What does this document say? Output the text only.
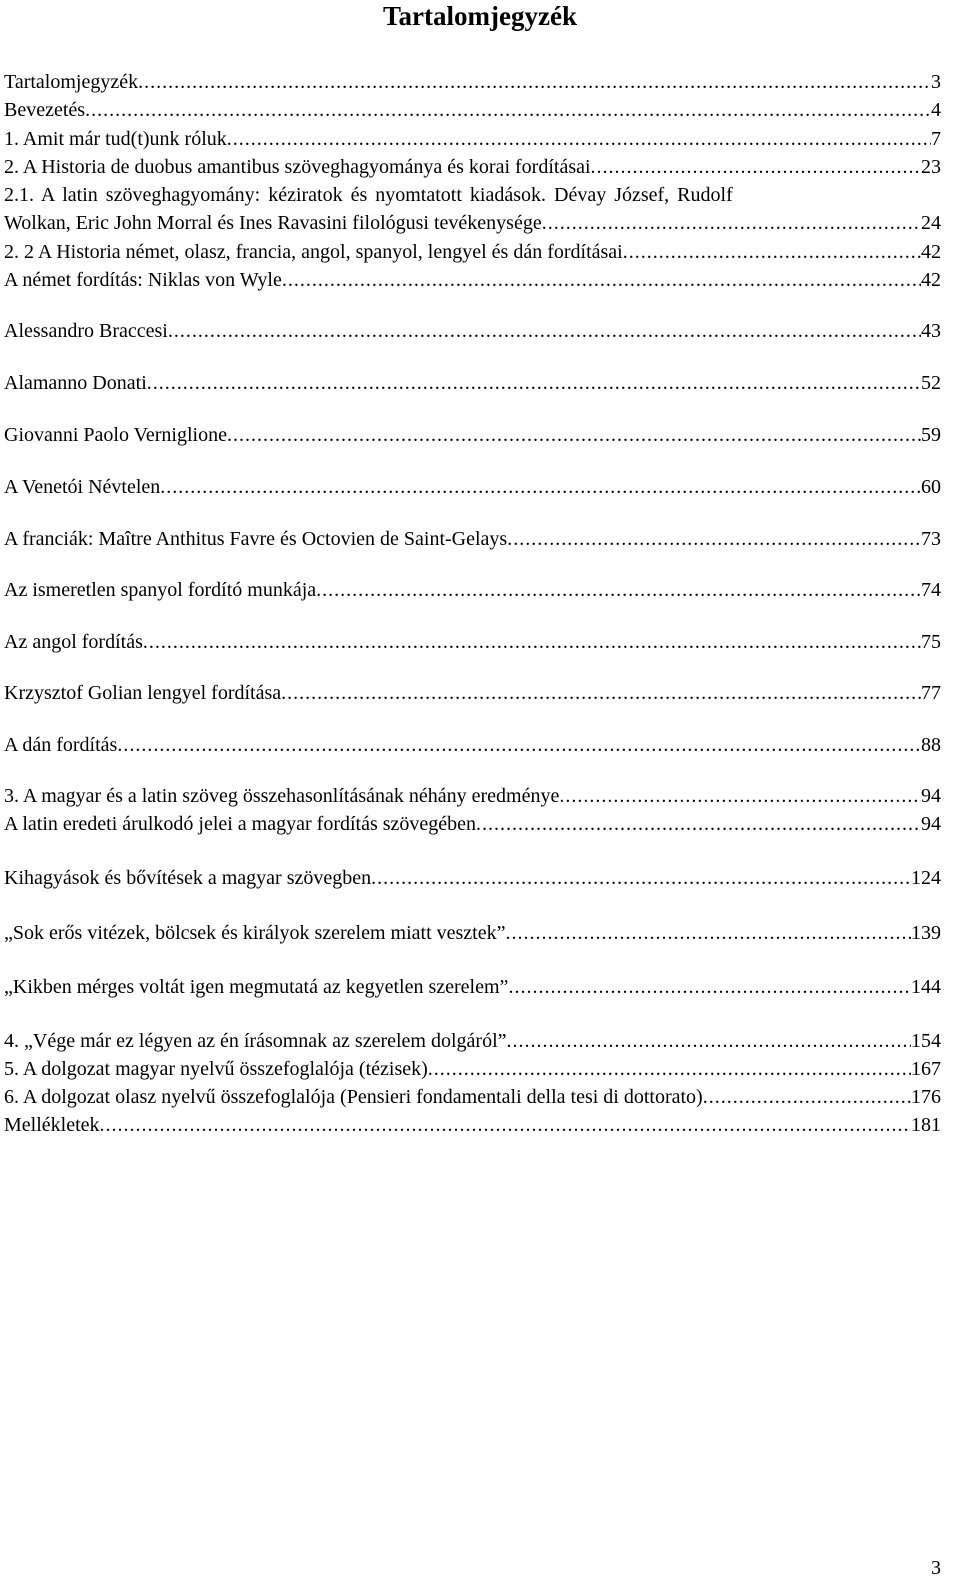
Tartalomjegyzék
Tartalomjegyzék .....	3
Bevezetés .....	4
1. Amit már tud(t)unk róluk .....	7
2. A Historia de duobus amantibus szöveghagyománya és korai fordításai .....	23
2.1. A latin szöveghagyomány: kéziratok és nyomtatott kiadások. Dévay József, Rudolf
Wolkan, Eric John Morral és Ines Ravasini filológusi tevékenysége .....	24
2. 2 A Historia német, olasz, francia, angol, spanyol, lengyel és dán fordításai .....	42
A német fordítás: Niklas von Wyle .....	42
Alessandro Braccesi .....	43
Alamanno Donati .....	52
Giovanni Paolo Verniglione .....	59
A Venetói Névtelen .....	60
A franciák: Maître Anthitus Favre és Octovien de Saint-Gelays .....	73
Az ismeretlen spanyol fordító munkája .....	74
Az angol fordítás .....	75
Krzysztof Golian lengyel fordítása .....	77
A dán fordítás .....	88
3. A magyar és a latin szöveg összehasonlításának néhány eredménye .....	94
A latin eredeti árulkodó jelei a magyar fordítás szövegében .....	94
Kihagyások és bővítések a magyar szövegben .....	124
„Sok erős vitézek, bölcsek és királyok szerelem miatt vesztek” .....	139
„Kikben mérges voltát igen megmutatá az kegyetlen szerelem” .....	144
4. „Vége már ez légyen az én írásomnak az szerelem dolgáról” .....	154
5. A dolgozat magyar nyelvű összefoglalója (tézisek) .....	167
6. A dolgozat olasz nyelvű összefoglalója (Pensieri fondamentali della tesi di dottorato) .....	176
Mellékletek .....	181
3
